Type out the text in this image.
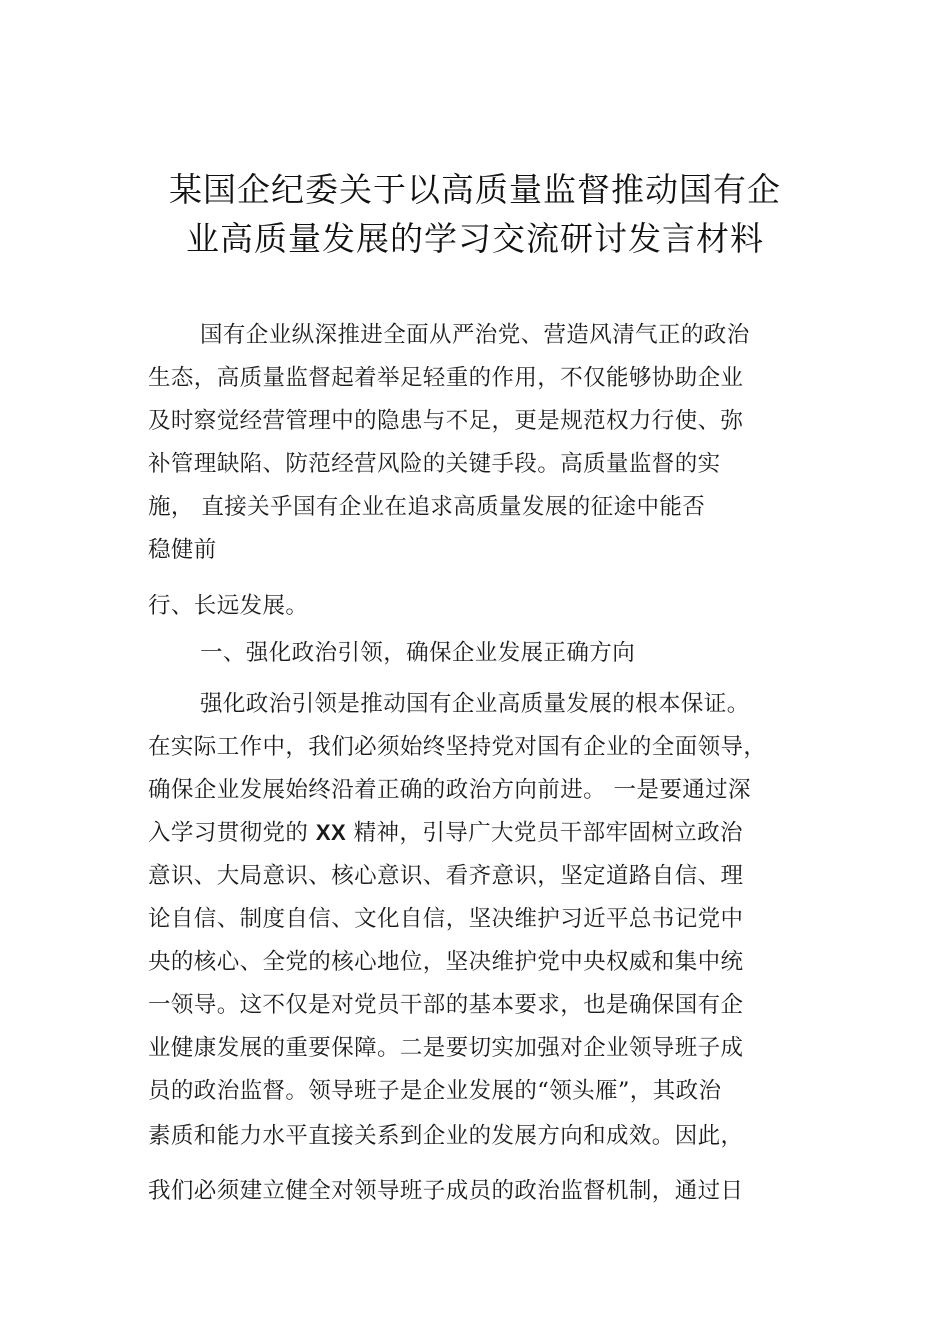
某国企纪委关于以高质量监督推动国有企
业高质量发展的学习交流研讨发言材料
国有企业纵深推进全面从严治党、营造风清气正的政治
生态，高质量监督起着举足轻重的作用，不仅能够协助企业
及时察觉经营管理中的隐患与不足，更是规范权力行使、弥
补管理缺陷、防范经营风险的关键手段。高质量监督的实
施， 直接关乎国有企业在追求高质量发展的征途中能否
稳健前
行、长远发展。
一、强化政治引领，确保企业发展正确方向
强化政治引领是推动国有企业高质量发展的根本保证。
在实际工作中，我们必须始终坚持党对国有企业的全面领导，
确保企业发展始终沿着正确的政治方向前进。 一是要通过深
入学习贯彻党的 XX 精神，引导广大党员干部牢固树立政治
意识、大局意识、核心意识、看齐意识，坚定道路自信、理
论自信、制度自信、文化自信，坚决维护习近平总书记党中
央的核心、全党的核心地位，坚决维护党中央权威和集中统
一领导。这不仅是对党员干部的基本要求，也是确保国有企
业健康发展的重要保障。二是要切实加强对企业领导班子成
员的政治监督。领导班子是企业发展的“领头雁”，其政治
素质和能力水平直接关系到企业的发展方向和成效。因此，
我们必须建立健全对领导班子成员的政治监督机制，通过日
